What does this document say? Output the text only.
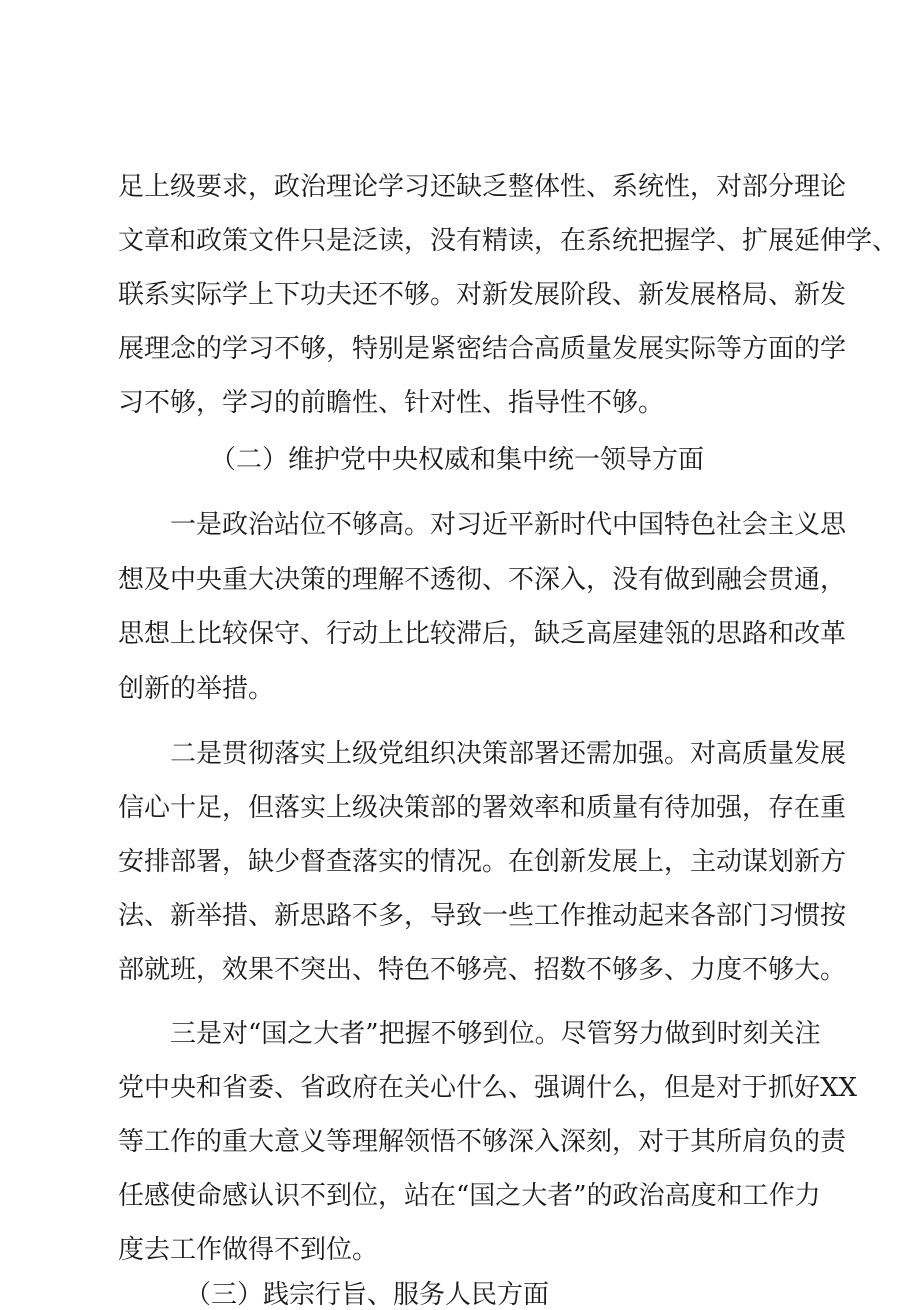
足上级要求，政治理论学习还缺乏整体性、系统性，对部分理论
文章和政策文件只是泛读，没有精读，在系统把握学、扩展延伸学、
联系实际学上下功夫还不够。对新发展阶段、新发展格局、新发
展理念的学习不够，特别是紧密结合高质量发展实际等方面的学
习不够，学习的前瞻性、针对性、指导性不够。
（二）维护党中央权威和集中统一领导方面
一是政治站位不够高。对习近平新时代中国特色社会主义思
想及中央重大决策的理解不透彻、不深入，没有做到融会贯通，
思想上比较保守、行动上比较滞后，缺乏高屋建瓴的思路和改革
创新的举措。
二是贯彻落实上级党组织决策部署还需加强。对高质量发展
信心十足，但落实上级决策部的署效率和质量有待加强，存在重
安排部署，缺少督查落实的情况。在创新发展上，主动谋划新方
法、新举措、新思路不多，导致一些工作推动起来各部门习惯按
部就班，效果不突出、特色不够亮、招数不够多、力度不够大。
三是对“国之大者”把握不够到位。尽管努力做到时刻关注
党中央和省委、省政府在关心什么、强调什么，但是对于抓好XX
等工作的重大意义等理解领悟不够深入深刻，对于其所肩负的责
任感使命感认识不到位，站在“国之大者”的政治高度和工作力
度去工作做得不到位。
（三）践宗行旨、服务人民方面
